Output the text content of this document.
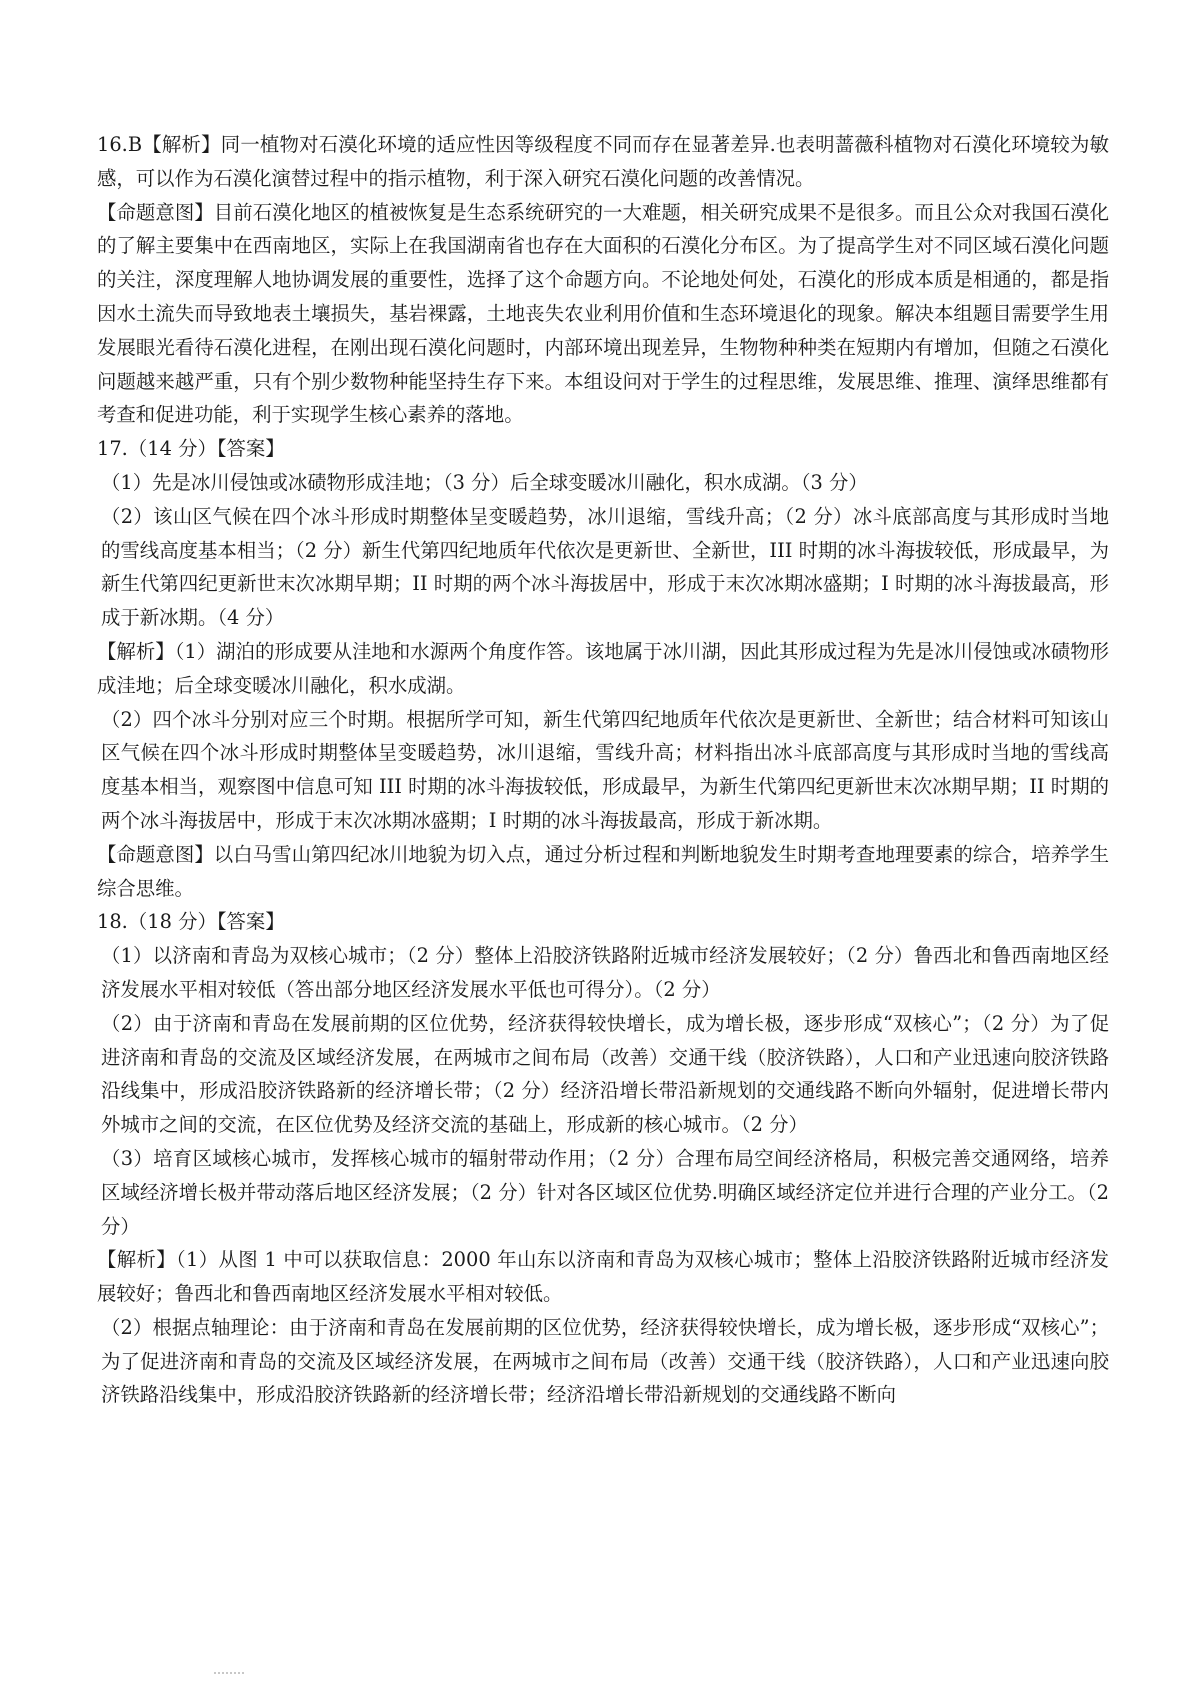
16.B【解析】同一植物对石漠化环境的适应性因等级程度不同而存在显著差异.也表明蔷薇科植物对石漠化环境较为敏感，可以作为石漠化演替过程中的指示植物，利于深入研究石漠化问题的改善情况。

【命题意图】目前石漠化地区的植被恢复是生态系统研究的一大难题，相关研究成果不是很多。而且公众对我国石漠化的了解主要集中在西南地区，实际上在我国湖南省也存在大面积的石漠化分布区。为了提高学生对不同区域石漠化问题的关注，深度理解人地协调发展的重要性，选择了这个命题方向。不论地处何处，石漠化的形成本质是相通的，都是指因水土流失而导致地表土壤损失，基岩裸露，土地丧失农业利用价值和生态环境退化的现象。解决本组题目需要学生用发展眼光看待石漠化进程，在刚出现石漠化问题时，内部环境出现差异，生物物种种类在短期内有增加，但随之石漠化问题越来越严重，只有个别少数物种能坚持生存下来。本组设问对于学生的过程思维，发展思维、推理、演绎思维都有考查和促进功能，利于实现学生核心素养的落地。

17.（14 分）【答案】

（1）先是冰川侵蚀或冰碛物形成洼地；（3 分）后全球变暖冰川融化，积水成湖。（3 分）

（2）该山区气候在四个冰斗形成时期整体呈变暖趋势，冰川退缩，雪线升高；（2 分）冰斗底部高度与其形成时当地的雪线高度基本相当；（2 分）新生代第四纪地质年代依次是更新世、全新世，III 时期的冰斗海拔较低，形成最早，为新生代第四纪更新世末次冰期早期；II 时期的两个冰斗海拔居中，形成于末次冰期冰盛期；I 时期的冰斗海拔最高，形成于新冰期。（4 分）

【解析】（1）湖泊的形成要从洼地和水源两个角度作答。该地属于冰川湖，因此其形成过程为先是冰川侵蚀或冰碛物形成洼地；后全球变暖冰川融化，积水成湖。

（2）四个冰斗分别对应三个时期。根据所学可知，新生代第四纪地质年代依次是更新世、全新世；结合材料可知该山区气候在四个冰斗形成时期整体呈变暖趋势，冰川退缩，雪线升高；材料指出冰斗底部高度与其形成时当地的雪线高度基本相当，观察图中信息可知 III 时期的冰斗海拔较低，形成最早，为新生代第四纪更新世末次冰期早期；II 时期的两个冰斗海拔居中，形成于末次冰期冰盛期；I 时期的冰斗海拔最高，形成于新冰期。

【命题意图】以白马雪山第四纪冰川地貌为切入点，通过分析过程和判断地貌发生时期考查地理要素的综合，培养学生综合思维。

18.（18 分）【答案】

（1）以济南和青岛为双核心城市；（2 分）整体上沿胶济铁路附近城市经济发展较好；（2 分）鲁西北和鲁西南地区经济发展水平相对较低（答出部分地区经济发展水平低也可得分）。（2 分）

（2）由于济南和青岛在发展前期的区位优势，经济获得较快增长，成为增长极，逐步形成“双核心”；（2 分）为了促进济南和青岛的交流及区域经济发展，在两城市之间布局（改善）交通干线（胶济铁路），人口和产业迅速向胶济铁路沿线集中，形成沿胶济铁路新的经济增长带；（2 分）经济沿增长带沿新规划的交通线路不断向外辐射，促进增长带内外城市之间的交流，在区位优势及经济交流的基础上，形成新的核心城市。（2 分）

（3）培育区域核心城市，发挥核心城市的辐射带动作用；（2 分）合理布局空间经济格局，积极完善交通网络，培养区域经济增长极并带动落后地区经济发展；（2 分）针对各区域区位优势.明确区域经济定位并进行合理的产业分工。（2 分）

【解析】（1）从图 1 中可以获取信息：2000 年山东以济南和青岛为双核心城市；整体上沿胶济铁路附近城市经济发展较好；鲁西北和鲁西南地区经济发展水平相对较低。

（2）根据点轴理论：由于济南和青岛在发展前期的区位优势，经济获得较快增长，成为增长极，逐步形成“双核心”；为了促进济南和青岛的交流及区域经济发展，在两城市之间布局（改善）交通干线（胶济铁路），人口和产业迅速向胶济铁路沿线集中，形成沿胶济铁路新的经济增长带；经济沿增长带沿新规划的交通线路不断向
